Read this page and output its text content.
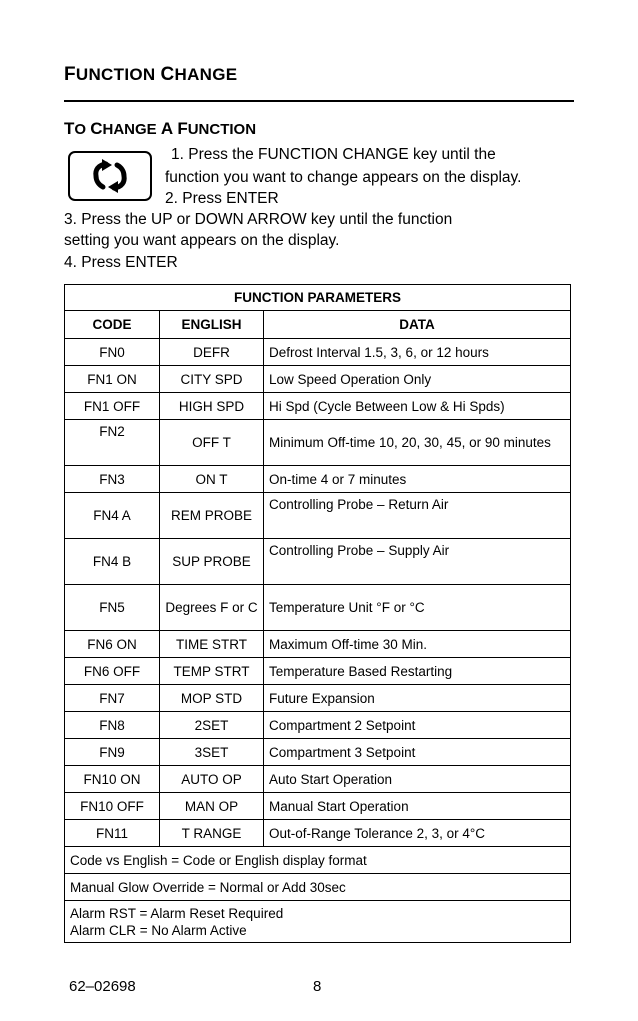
FUNCTION CHANGE
TO CHANGE A FUNCTION
1. Press the FUNCTION CHANGE key until the
function you want to change appears on the display.
2. Press ENTER
3. Press the UP or DOWN ARROW key until the function
setting you want appears on the display.
4. Press ENTER
FUNCTION PARAMETERS		
CODE	ENGLISH	DATA
FN0	DEFR	Defrost Interval 1.5, 3, 6, or 12 hours
FN1 ON	CITY SPD	Low Speed Operation Only
FN1 OFF	HIGH SPD	Hi Spd (Cycle Between Low & Hi Spds)
FN2	OFF T	Minimum Off-time 10, 20, 30, 45, or 90 minutes
FN3	ON T	On-time 4 or 7 minutes
FN4 A	REM PROBE	Controlling Probe – Return Air
FN4 B	SUP PROBE	Controlling Probe – Supply Air
FN5	Degrees F or C	Temperature Unit °F or °C
FN6 ON	TIME STRT	Maximum Off-time 30 Min.
FN6 OFF	TEMP STRT	Temperature Based Restarting
FN7	MOP STD	Future Expansion
FN8	2SET	Compartment 2 Setpoint
FN9	3SET	Compartment 3 Setpoint
FN10 ON	AUTO OP	Auto Start Operation
FN10 OFF	MAN OP	Manual Start Operation
FN11	T RANGE	Out-of-Range Tolerance 2, 3, or 4°C
Code vs English = Code or English display format		
Manual Glow Override = Normal or Add 30sec		
Alarm RST = Alarm Reset Required
Alarm CLR = No Alarm Active		
62–02698	8
